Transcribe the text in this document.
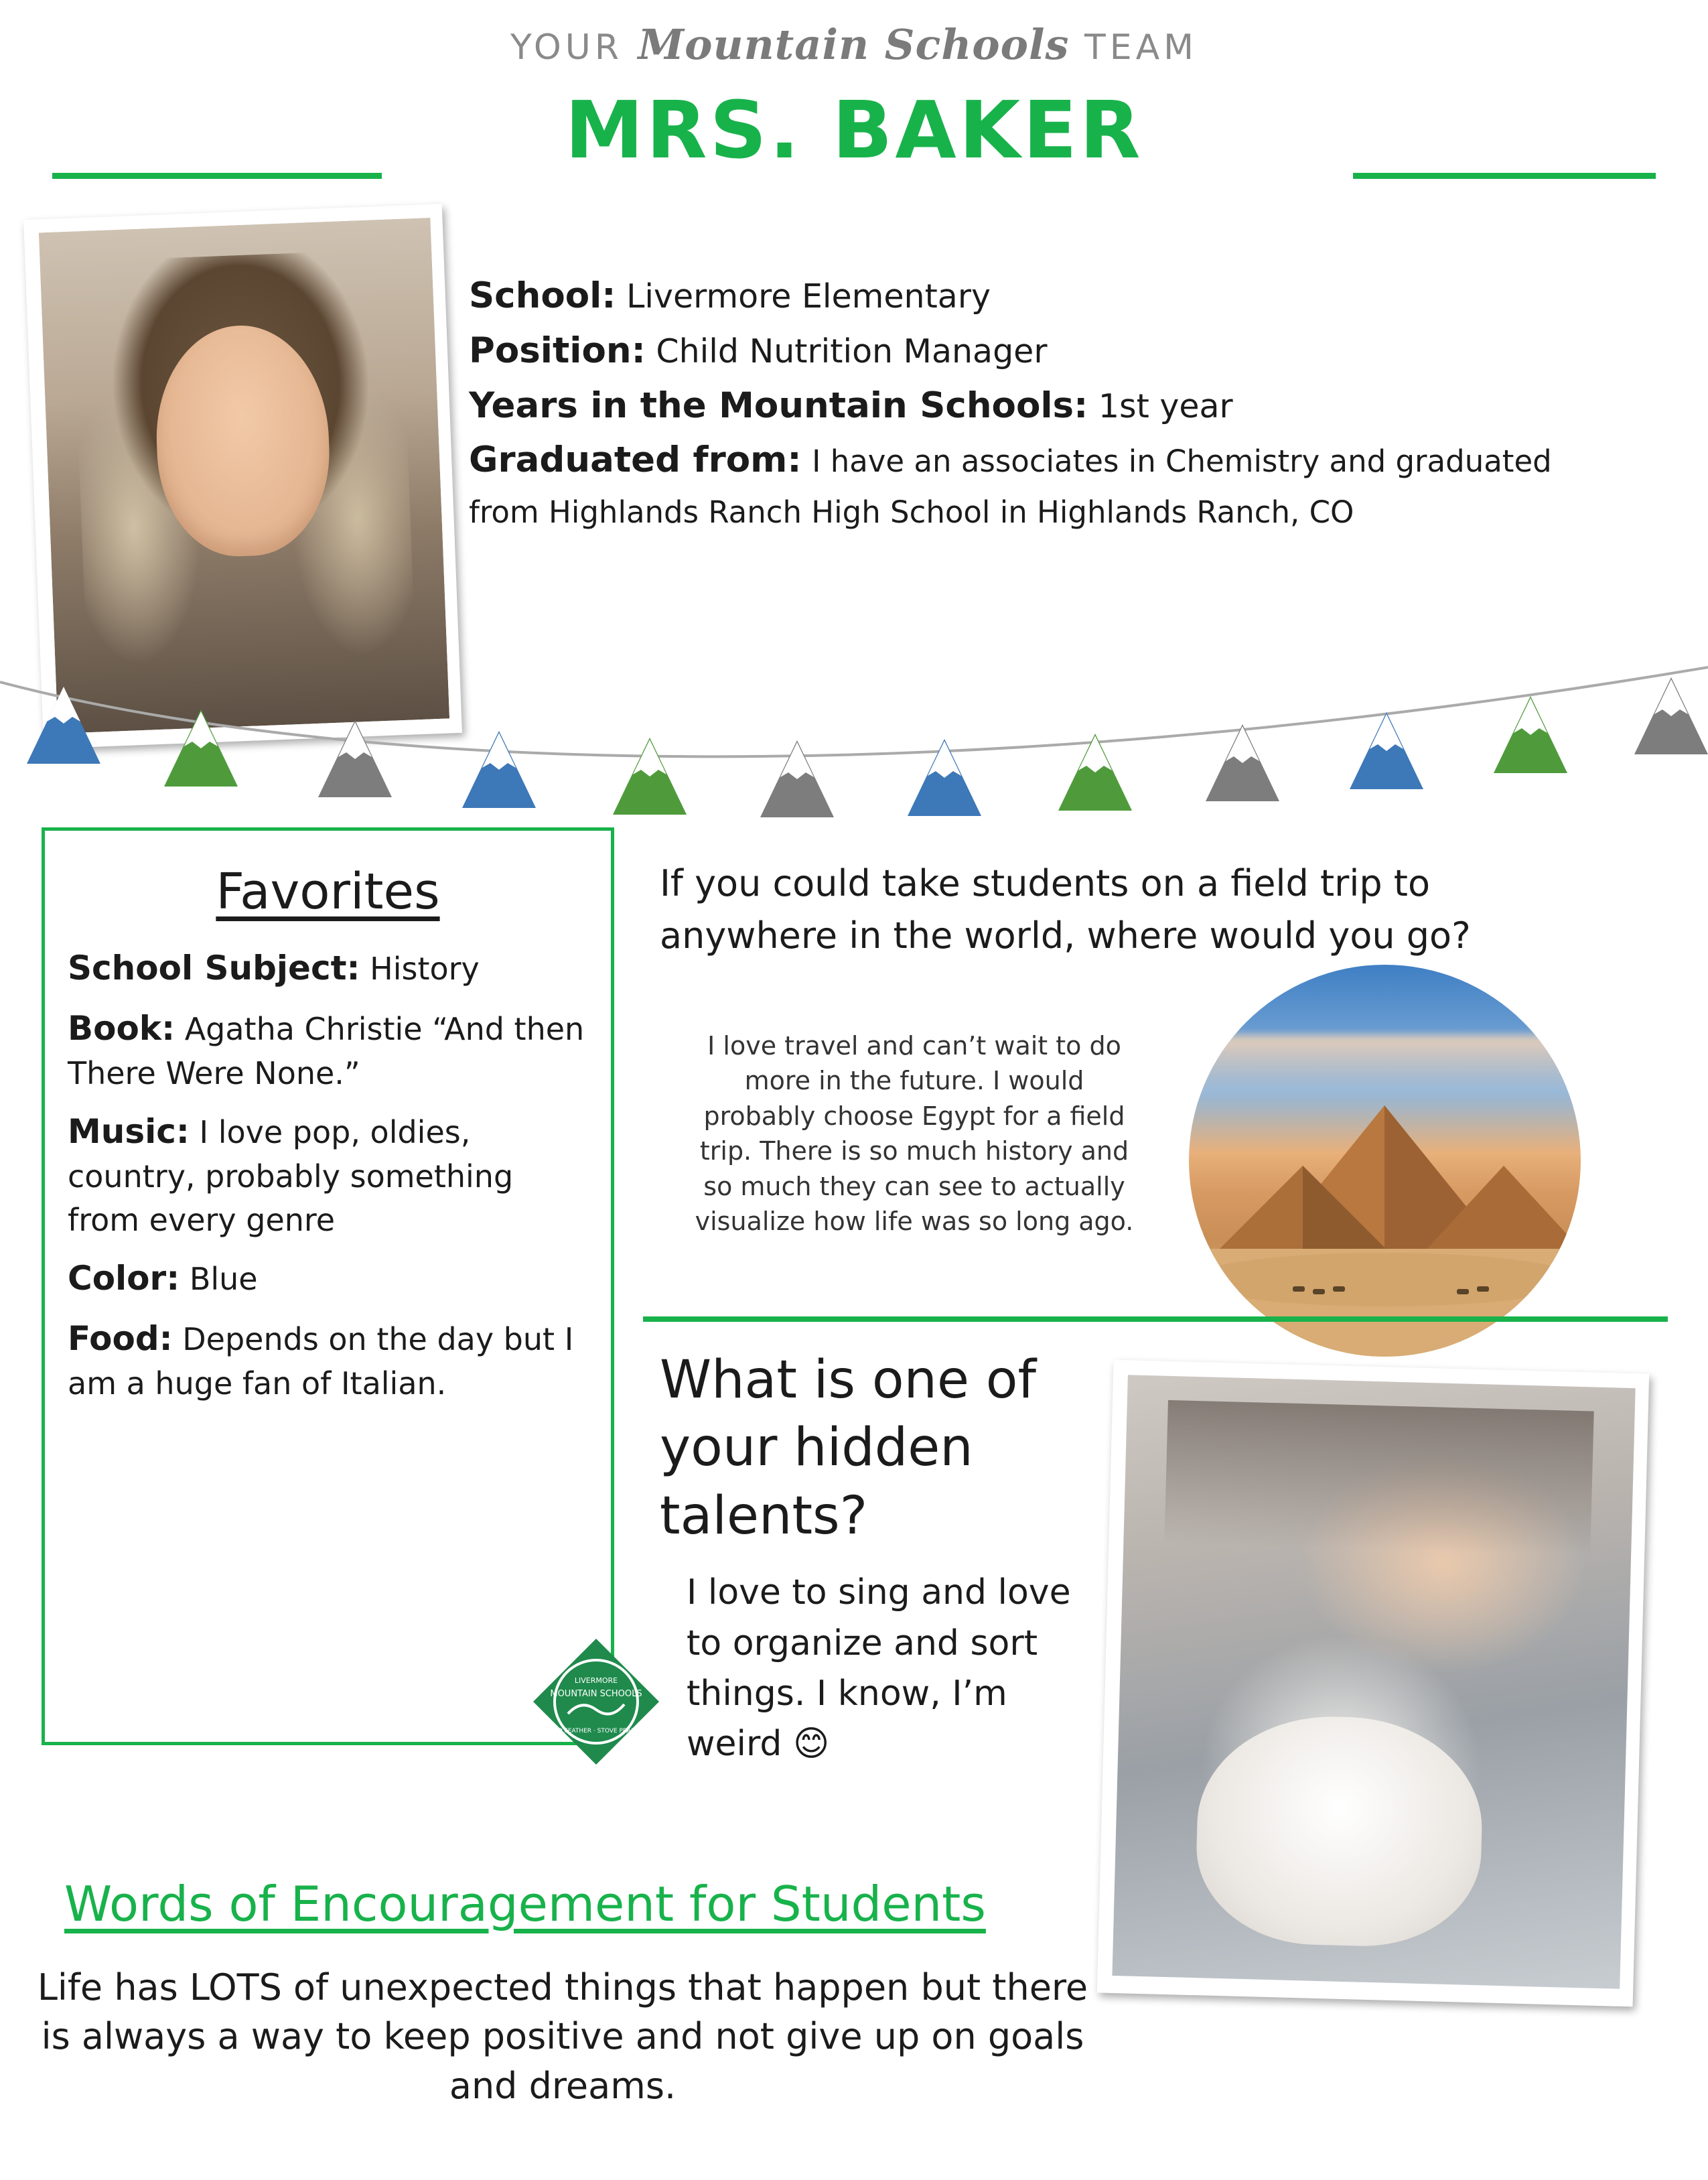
YOUR Mountain Schools TEAM
MRS. BAKER
School: Livermore Elementary
Position: Child Nutrition Manager
Years in the Mountain Schools: 1st year
Graduated from: I have an associates in Chemistry and graduated
from Highlands Ranch High School in Highlands Ranch, CO
Favorites
School Subject: History
Book: Agatha Christie “And then There Were None.”
Music: I love pop, oldies, country, probably something from every genre
Color: Blue
Food: Depends on the day but I am a huge fan of Italian.
LIVERMORE
MOUNTAIN SCHOOLS
RED FEATHER · STOVE PRAIRIE
If you could take students on a field trip to anywhere in the world, where would you go?
I love travel and can’t wait to do more in the future. I would probably choose Egypt for a field trip. There is so much history and so much they can see to actually visualize how life was so long ago.
What is one of your hidden talents?
I love to sing and love to organize and sort things. I know, I’m weird 😊
Words of Encouragement for Students
Life has LOTS of unexpected things that happen but there is always a way to keep positive and not give up on goals and dreams.
